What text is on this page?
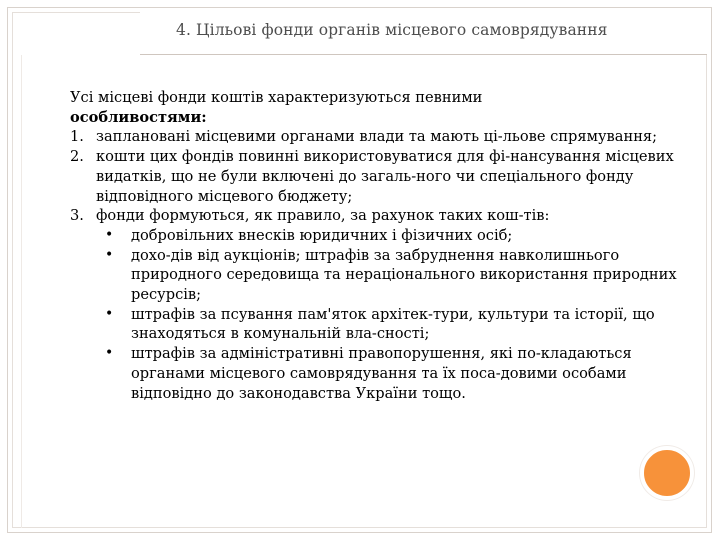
4. Цільові фонди органів місцевого самоврядування

Усі місцеві фонди коштів характеризуються певними
особливостями:

1. заплановані місцевими органами влади та мають ці-льове спрямування;
2. кошти цих фондів повинні використовуватися для фі-нансування місцевих видатків, що не були включені до загаль-ного чи спеціального фонду відповідного місцевого бюджету;
3. фонди формуються, як правило, за рахунок таких кош-тів:
• добровільних внесків юридичних і фізичних осіб;
• дохо-дів від аукціонів; штрафів за забруднення навколишнього природного середовища та нераціонального використання природних ресурсів;
• штрафів за псування пам'яток архітек-тури, культури та історії, що знаходяться в комунальній вла-сності;
• штрафів за адміністративні правопорушення, які по-кладаються органами місцевого самоврядування та їх поса-довими особами відповідно до законодавства України тощо.
